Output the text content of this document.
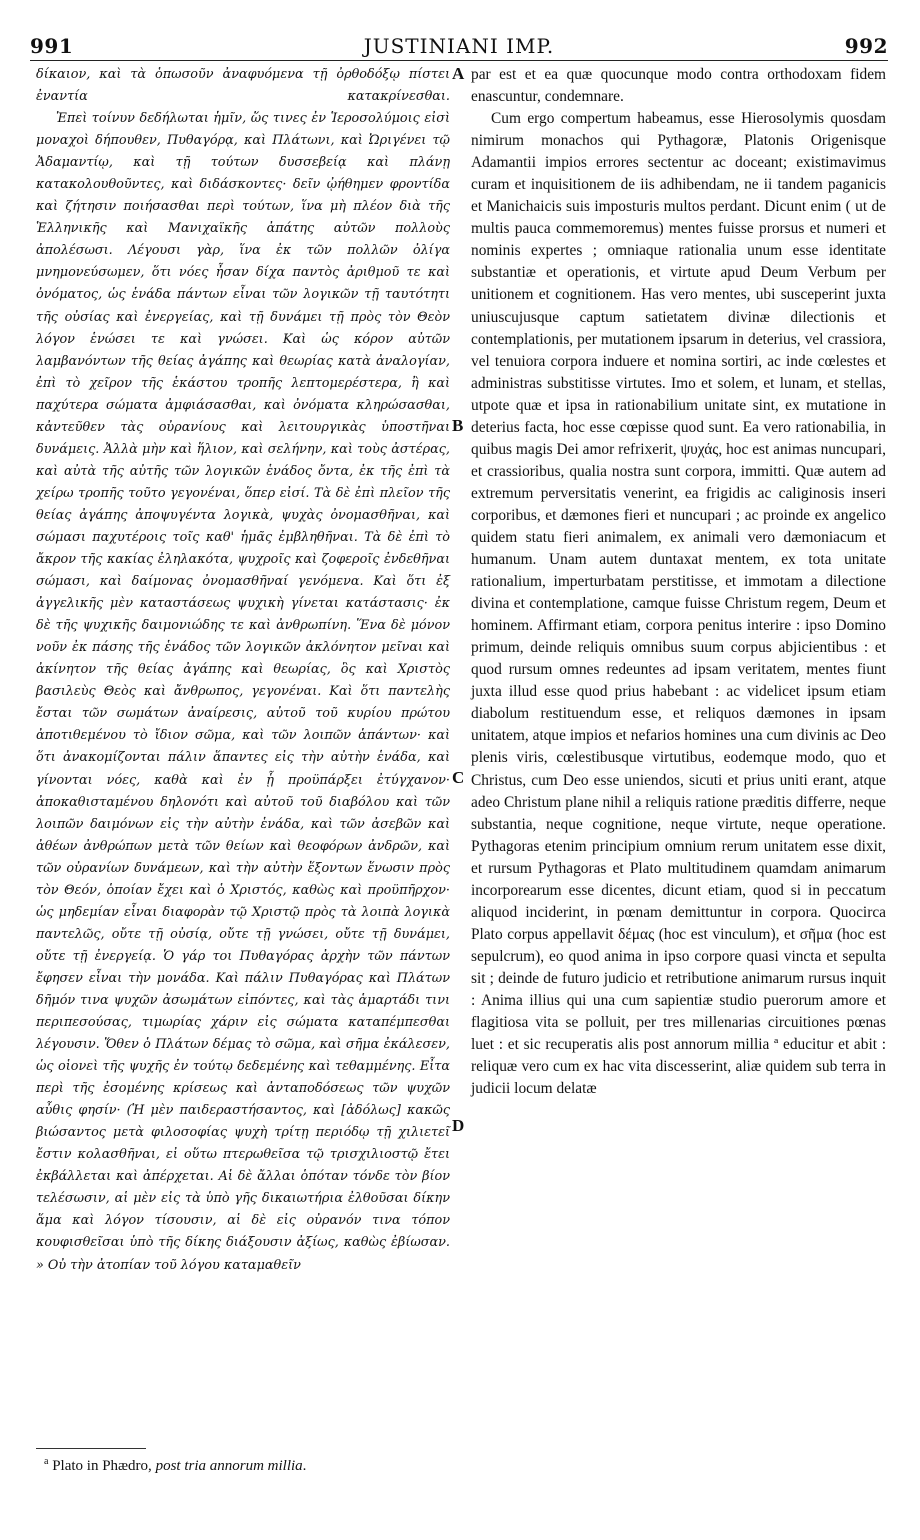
991	JUSTINIANI IMP.	992

δίκαιον, καὶ τὰ ὁπωσοῦν ἀναφυόμενα τῇ ὀρθοδόξῳ πίστει ἐναντία κατακρίνεσθαι.

Ἐπεὶ τοίνυν δεδήλωται ἡμῖν, ὥς τινες ἐν Ἱεροσολύμοις εἰσὶ μοναχοὶ δήπουθεν, Πυθαγόρᾳ, καὶ Πλάτωνι, καὶ Ὠριγένει τῷ Ἀδαμαντίῳ, καὶ τῇ τούτων δυσσεβείᾳ καὶ πλάνῃ κατακολουθοῦντες, καὶ διδάσκοντες· δεῖν ᾠήθημεν φροντίδα καὶ ζήτησιν ποιήσασθαι περὶ τούτων, ἵνα μὴ πλέον διὰ τῆς Ἑλληνικῆς καὶ Μανιχαϊκῆς ἀπάτης αὐτῶν πολλοὺς ἀπολέσωσι. Λέγουσι γὰρ, ἵνα ἐκ τῶν πολλῶν ὀλίγα μνημονεύσωμεν, ὅτι νόες ἦσαν δίχα παντὸς ἀριθμοῦ τε καὶ ὀνόματος, ὡς ἑνάδα πάντων εἶναι τῶν λογικῶν τῇ ταυτότητι τῆς οὐσίας καὶ ἐνεργείας, καὶ τῇ δυνάμει τῇ πρὸς τὸν Θεὸν λόγον ἑνώσει τε καὶ γνώσει. Καὶ ὡς κόρον αὐτῶν λαμβανόντων τῆς θείας ἀγάπης καὶ θεωρίας κατὰ ἀναλογίαν, ἐπὶ τὸ χεῖρον τῆς ἑκάστου τροπῆς λεπτομερέστερα, ἢ καὶ παχύτερα σώματα ἀμφιάσασθαι, καὶ ὀνόματα κληρώσασθαι, κἀντεῦθεν τὰς οὐρανίους καὶ λειτουργικὰς ὑποστῆναι δυνάμεις. Ἀλλὰ μὴν καὶ ἥλιον, καὶ σελήνην, καὶ τοὺς ἀστέρας, καὶ αὐτὰ τῆς αὐτῆς τῶν λογικῶν ἑνάδος ὄντα, ἐκ τῆς ἐπὶ τὰ χείρω τροπῆς τοῦτο γεγονέναι, ὅπερ εἰσί. Τὰ δὲ ἐπὶ πλεῖον τῆς θείας ἀγάπης ἀποψυγέντα λογικὰ, ψυχὰς ὀνομασθῆναι, καὶ σώμασι παχυτέροις τοῖς καθ' ἡμᾶς ἐμβληθῆναι. Τὰ δὲ ἐπὶ τὸ ἄκρον τῆς κακίας ἐληλακότα, ψυχροῖς καὶ ζοφεροῖς ἐνδεθῆναι σώμασι, καὶ δαίμονας ὀνομασθῆναί γενόμενα. Καὶ ὅτι ἐξ ἀγγελικῆς μὲν καταστάσεως ψυχικὴ γίνεται κατάστασις· ἐκ δὲ τῆς ψυχικῆς δαιμονιώδης τε καὶ ἀνθρωπίνη. Ἕνα δὲ μόνον νοῦν ἐκ πάσης τῆς ἑνάδος τῶν λογικῶν ἀκλόνητον μεῖναι καὶ ἀκίνητον τῆς θείας ἀγάπης καὶ θεωρίας, ὃς καὶ Χριστὸς βασιλεὺς Θεὸς καὶ ἄνθρωπος, γεγονέναι. Καὶ ὅτι παντελὴς ἔσται τῶν σωμάτων ἀναίρεσις, αὐτοῦ τοῦ κυρίου πρώτου ἀποτιθεμένου τὸ ἴδιον σῶμα, καὶ τῶν λοιπῶν ἁπάντων· καὶ ὅτι ἀνακομίζονται πάλιν ἅπαντες εἰς τὴν αὐτὴν ἑνάδα, καὶ γίνονται νόες, καθὰ καὶ ἐν ᾗ προϋπάρξει ἐτύγχανον· ἀποκαθισταμένου δηλονότι καὶ αὐτοῦ τοῦ διαβόλου καὶ τῶν λοιπῶν δαιμόνων εἰς τὴν αὐτὴν ἑνάδα, καὶ τῶν ἀσεβῶν καὶ ἀθέων ἀνθρώπων μετὰ τῶν θείων καὶ θεοφόρων ἀνδρῶν, καὶ τῶν οὐρανίων δυνάμεων, καὶ τὴν αὐτὴν ἕξοντων ἕνωσιν πρὸς τὸν Θεόν, ὁποίαν ἔχει καὶ ὁ Χριστός, καθὼς καὶ προϋπῆρχον· ὡς μηδεμίαν εἶναι διαφορὰν τῷ Χριστῷ πρὸς τὰ λοιπὰ λογικὰ παντελῶς, οὔτε τῇ οὐσίᾳ, οὔτε τῇ γνώσει, οὔτε τῇ δυνάμει, οὔτε τῇ ἐνεργείᾳ. Ὁ γάρ τοι Πυθαγόρας ἀρχὴν τῶν πάντων ἔφησεν εἶναι τὴν μονάδα. Καὶ πάλιν Πυθαγόρας καὶ Πλάτων δῆμόν τινα ψυχῶν ἀσωμάτων εἰπόντες, καὶ τὰς ἁμαρτάδι τινι περιπεσούσας, τιμωρίας χάριν εἰς σώματα καταπέμπεσθαι λέγουσιν. Ὅθεν ὁ Πλάτων δέμας τὸ σῶμα, καὶ σῆμα ἐκάλεσεν, ὡς οἱονεὶ τῆς ψυχῆς ἐν τούτῳ δεδεμένης καὶ τεθαμμένης. Εἶτα περὶ τῆς ἐσομένης κρίσεως καὶ ἀνταποδόσεως τῶν ψυχῶν αὖθις φησίν· (Ἡ μὲν παιδεραστήσαντος, καὶ [ἀδόλως] κακῶς βιώσαντος μετὰ φιλοσοφίας ψυχὴ τρίτῃ περιόδῳ τῇ χιλιετεῖ ἔστιν κολασθῆναι, εἰ οὕτω πτερωθεῖσα τῷ τρισχιλιοστῷ ἔτει ἐκβάλλεται καὶ ἀπέρχεται. Αἱ δὲ ἄλλαι ὁπόταν τόνδε τὸν βίον τελέσωσιν, αἱ μὲν εἰς τὰ ὑπὸ γῆς δικαιωτήρια ἐλθοῦσαι δίκην ἅμα καὶ λόγον τίσουσιν, αἱ δὲ εἰς οὐρανόν τινα τόπον κουφισθεῖσαι ὑπὸ τῆς δίκης διάξουσιν ἀξίως, καθὼς ἐβίωσαν. » Οὐ τὴν ἀτοπίαν τοῦ λόγου καταμαθεῖν

par est et ea quæ quocunque modo contra orthodoxam fidem enascuntur, condemnare.

Cum ergo compertum habeamus, esse Hierosolymis quosdam nimirum monachos qui Pythagoræ, Platonis Origenisque Adamantii impios errores sectentur ac doceant; existimavimus curam et inquisitionem de iis adhibendam, ne ii tandem paganicis et Manichaicis suis imposturis multos perdant. Dicunt enim ( ut de multis pauca commemoremus) mentes fuisse prorsus et numeri et nominis expertes ; omniaque rationalia unum esse identitate substantiæ et operationis, et virtute apud Deum Verbum per unitionem et cognitionem. Has vero mentes, ubi susceperint juxta uniuscujusque captum satietatem divinæ dilectionis et contemplationis, per mutationem ipsarum in deterius, vel crassiora, vel tenuiora corpora induere et nomina sortiri, ac inde cœlestes et administras substitisse virtutes. Imo et solem, et lunam, et stellas, utpote quæ et ipsa in rationabilium unitate sint, ex mutatione in deterius facta, hoc esse cœpisse quod sunt. Ea vero rationabilia, in quibus magis Dei amor refrixerit, ψυχάς, hoc est animas nuncupari, et crassioribus, qualia nostra sunt corpora, immitti. Quæ autem ad extremum perversitatis venerint, ea frigidis ac caliginosis inseri corporibus, et dæmones fieri et nuncupari ; ac proinde ex angelico quidem statu fieri animalem, ex animali vero dæmoniacum et humanum. Unam autem duntaxat mentem, ex tota unitate rationalium, imperturbatam perstitisse, et immotam a dilectione divina et contemplatione, camque fuisse Christum regem, Deum et hominem. Affirmant etiam, corpora penitus interire : ipso Domino primum, deinde reliquis omnibus suum corpus abjicientibus : et quod rursum omnes redeuntes ad ipsam veritatem, mentes fiunt juxta illud esse quod prius habebant : ac videlicet ipsum etiam diabolum restituendum esse, et reliquos dæmones in ipsam unitatem, atque impios et nefarios homines una cum divinis ac Deo plenis viris, cœlestibusque virtutibus, eodemque modo, quo et Christus, cum Deo esse uniendos, sicuti et prius uniti erant, atque adeo Christum plane nihil a reliquis ratione præditis differre, neque substantia, neque cognitione, neque virtute, neque operatione. Pythagoras etenim principium omnium rerum unitatem esse dixit, et rursum Pythagoras et Plato multitudinem quamdam animarum incorporearum esse dicentes, dicunt etiam, quod si in peccatum aliquod inciderint, in pœnam demittuntur in corpora. Quocirca Plato corpus appellavit δέμας (hoc est vinculum), et σῆμα (hoc est sepulcrum), eo quod anima in ipso corpore quasi vincta et sepulta sit ; deinde de futuro judicio et retributione animarum rursus inquit : Anima illius qui una cum sapientiæ studio puerorum amore et flagitiosa vita se polluit, per tres millenarias circuitiones pœnas luet : et sic recuperatis alis post annorum millia ª educitur et abit : reliquæ vero cum ex hac vita discesserint, aliæ quidem sub terra in judicii locum delatæ

A
B
C
D
$^a$ Plato in Phædro, post tria annorum millia.
